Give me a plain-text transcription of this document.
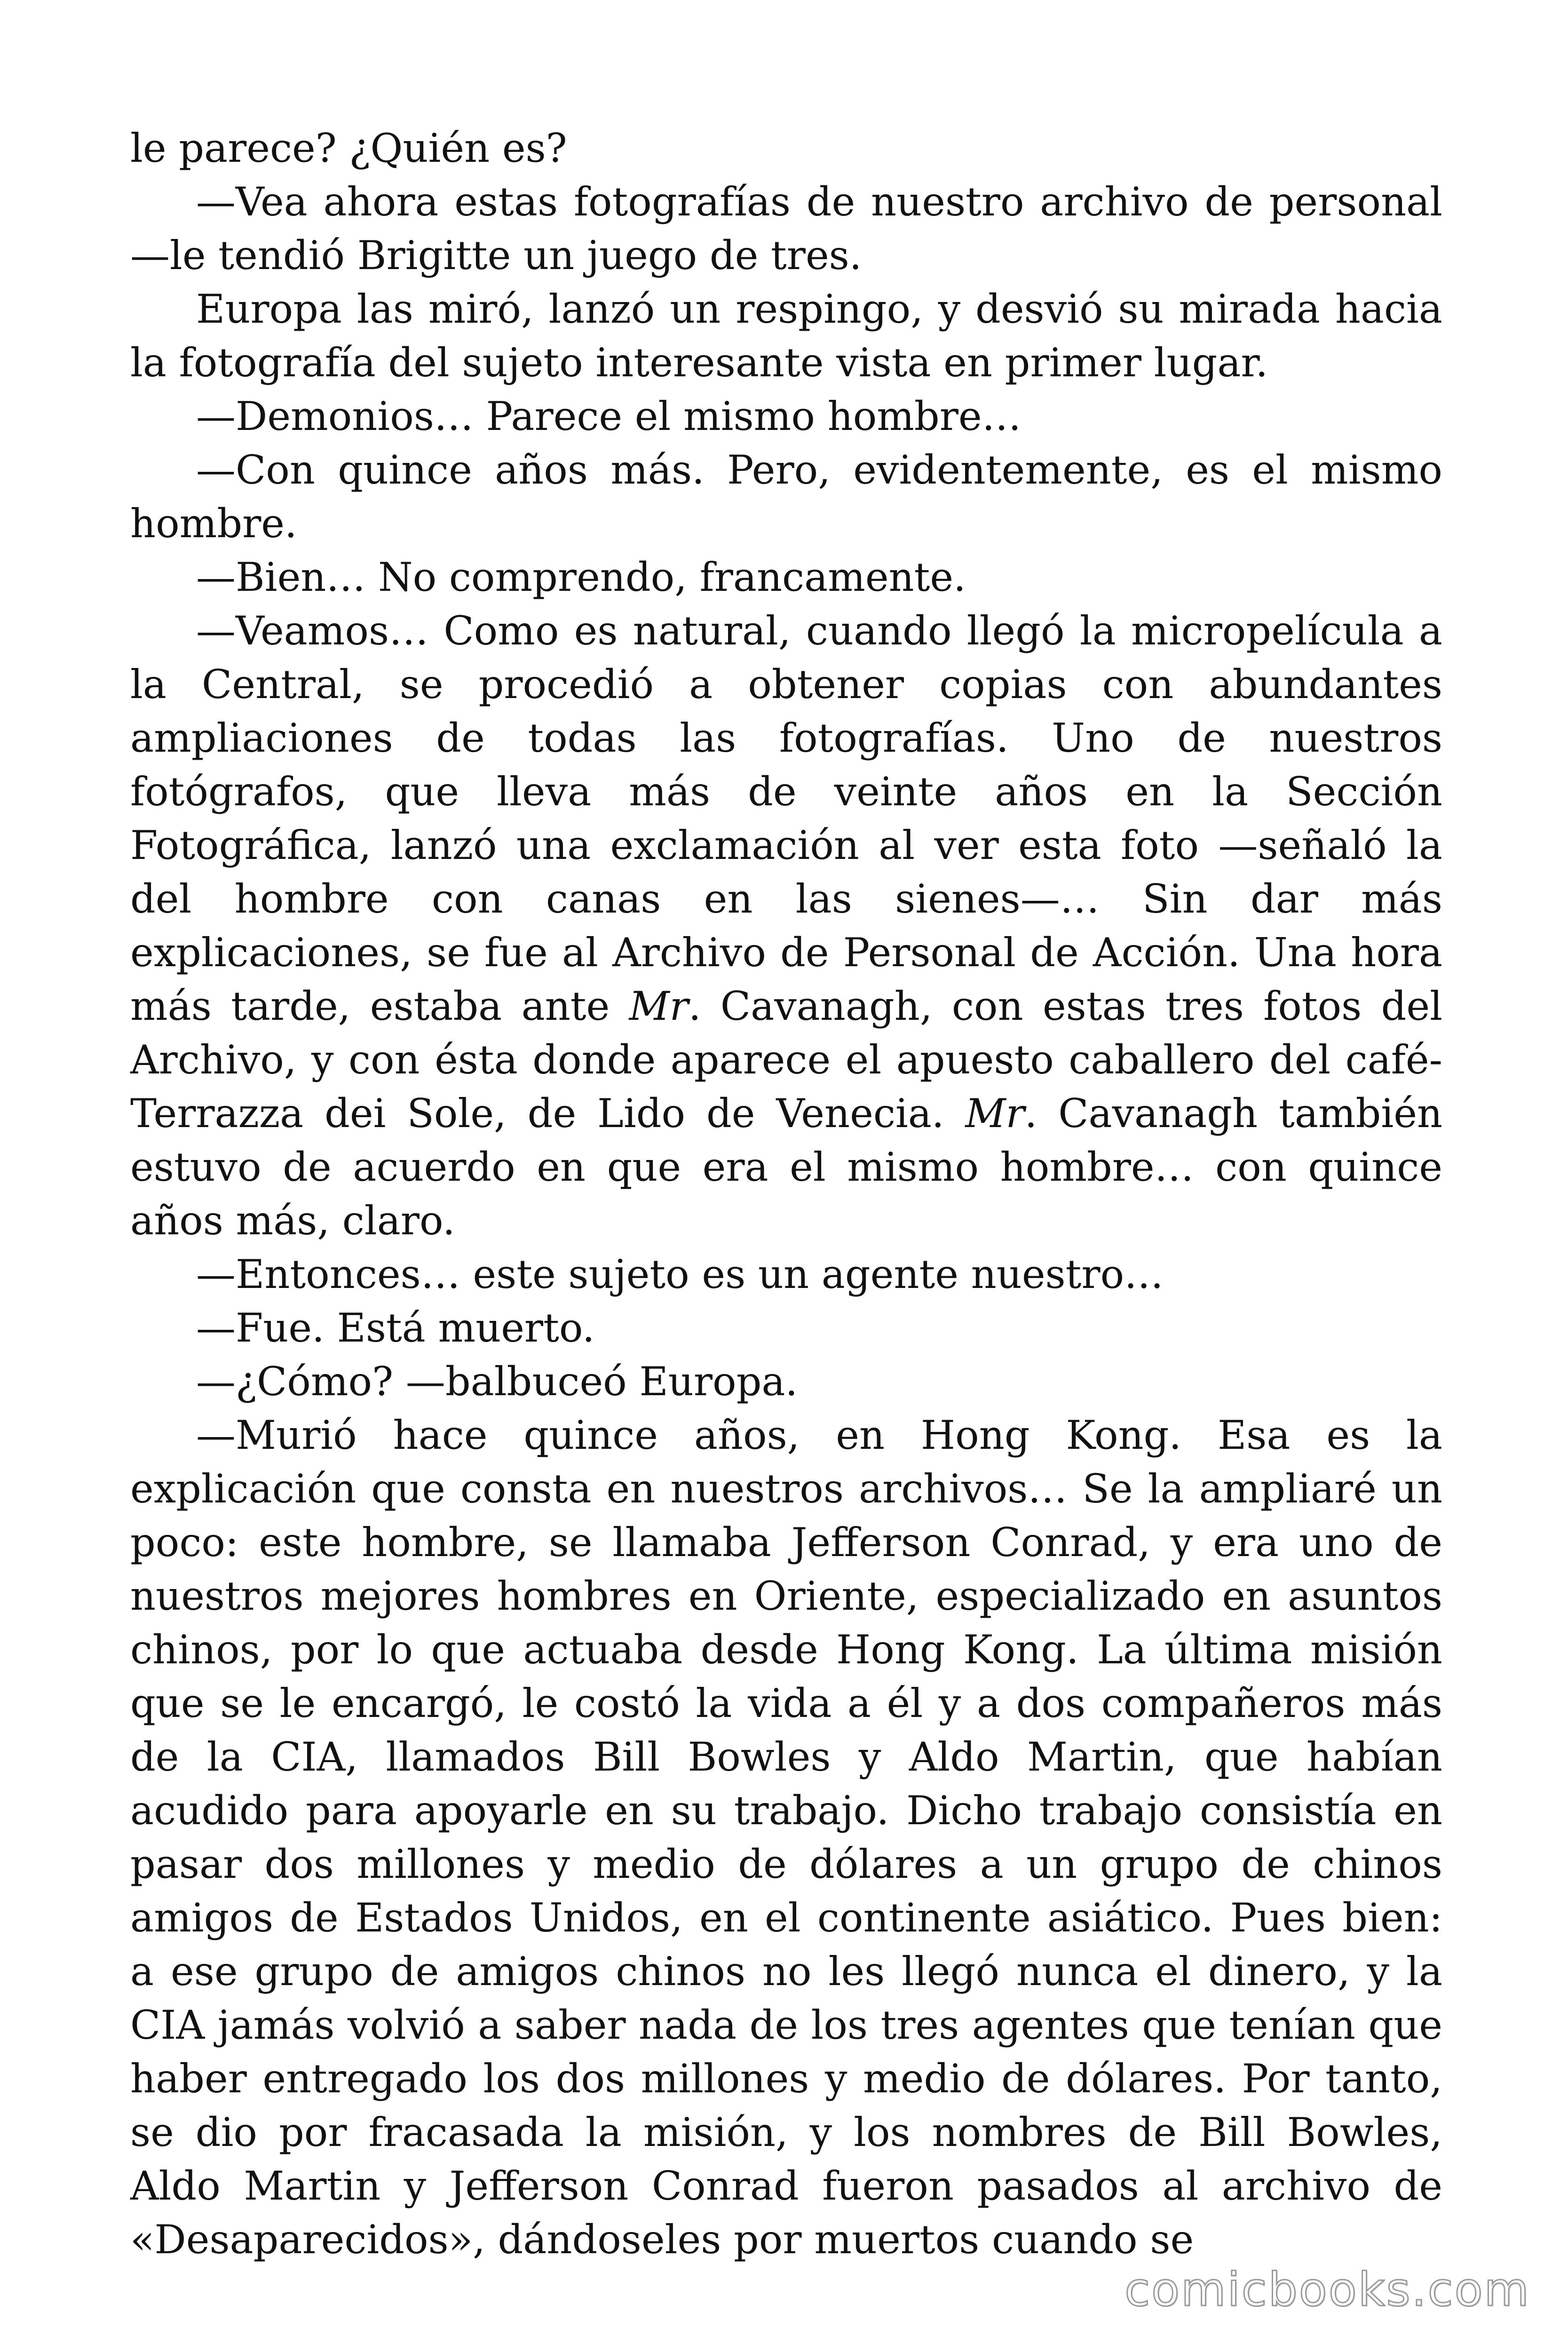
le parece? ¿Quién es?

—Vea ahora estas fotografías de nuestro archivo de personal —le tendió Brigitte un juego de tres.

Europa las miró, lanzó un respingo, y desvió su mirada hacia la fotografía del sujeto interesante vista en primer lugar.

—Demonios… Parece el mismo hombre…

—Con quince años más. Pero, evidentemente, es el mismo hombre.

—Bien… No comprendo, francamente.

—Veamos… Como es natural, cuando llegó la micropelícula a la Central, se procedió a obtener copias con abundantes ampliaciones de todas las fotografías. Uno de nuestros fotógrafos, que lleva más de veinte años en la Sección Fotográfica, lanzó una exclamación al ver esta foto —señaló la del hombre con canas en las sienes—… Sin dar más explicaciones, se fue al Archivo de Personal de Acción. Una hora más tarde, estaba ante Mr. Cavanagh, con estas tres fotos del Archivo, y con ésta donde aparece el apuesto caballero del café-Terrazza dei Sole, de Lido de Venecia. Mr. Cavanagh también estuvo de acuerdo en que era el mismo hombre… con quince años más, claro.

—Entonces… este sujeto es un agente nuestro…

—Fue. Está muerto.

—¿Cómo? —balbuceó Europa.

—Murió hace quince años, en Hong Kong. Esa es la explicación que consta en nuestros archivos… Se la ampliaré un poco: este hombre, se llamaba Jefferson Conrad, y era uno de nuestros mejores hombres en Oriente, especializado en asuntos chinos, por lo que actuaba desde Hong Kong. La última misión que se le encargó, le costó la vida a él y a dos compañeros más de la CIA, llamados Bill Bowles y Aldo Martin, que habían acudido para apoyarle en su trabajo. Dicho trabajo consistía en pasar dos millones y medio de dólares a un grupo de chinos amigos de Estados Unidos, en el continente asiático. Pues bien: a ese grupo de amigos chinos no les llegó nunca el dinero, y la CIA jamás volvió a saber nada de los tres agentes que tenían que haber entregado los dos millones y medio de dólares. Por tanto, se dio por fracasada la misión, y los nombres de Bill Bowles, Aldo Martin y Jefferson Conrad fueron pasados al archivo de «Desaparecidos», dándoseles por muertos cuando se

comicbooks.com
